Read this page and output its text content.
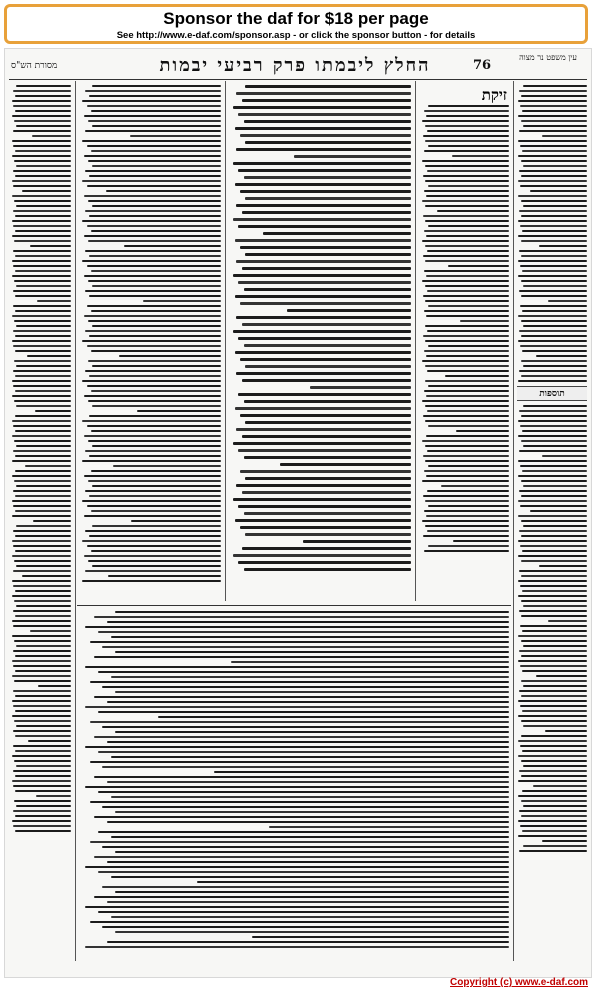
Sponsor the daf for $18 per page
See http://www.e-daf.com/sponsor.asp - or click the sponsor button - for details
מסורת הש"ס	החלץ ליבמתו פרק רביעי יבמות	76
עין משפט נר מצוה
זיקת
תוספות
Copyright (c) www.e-daf.com
